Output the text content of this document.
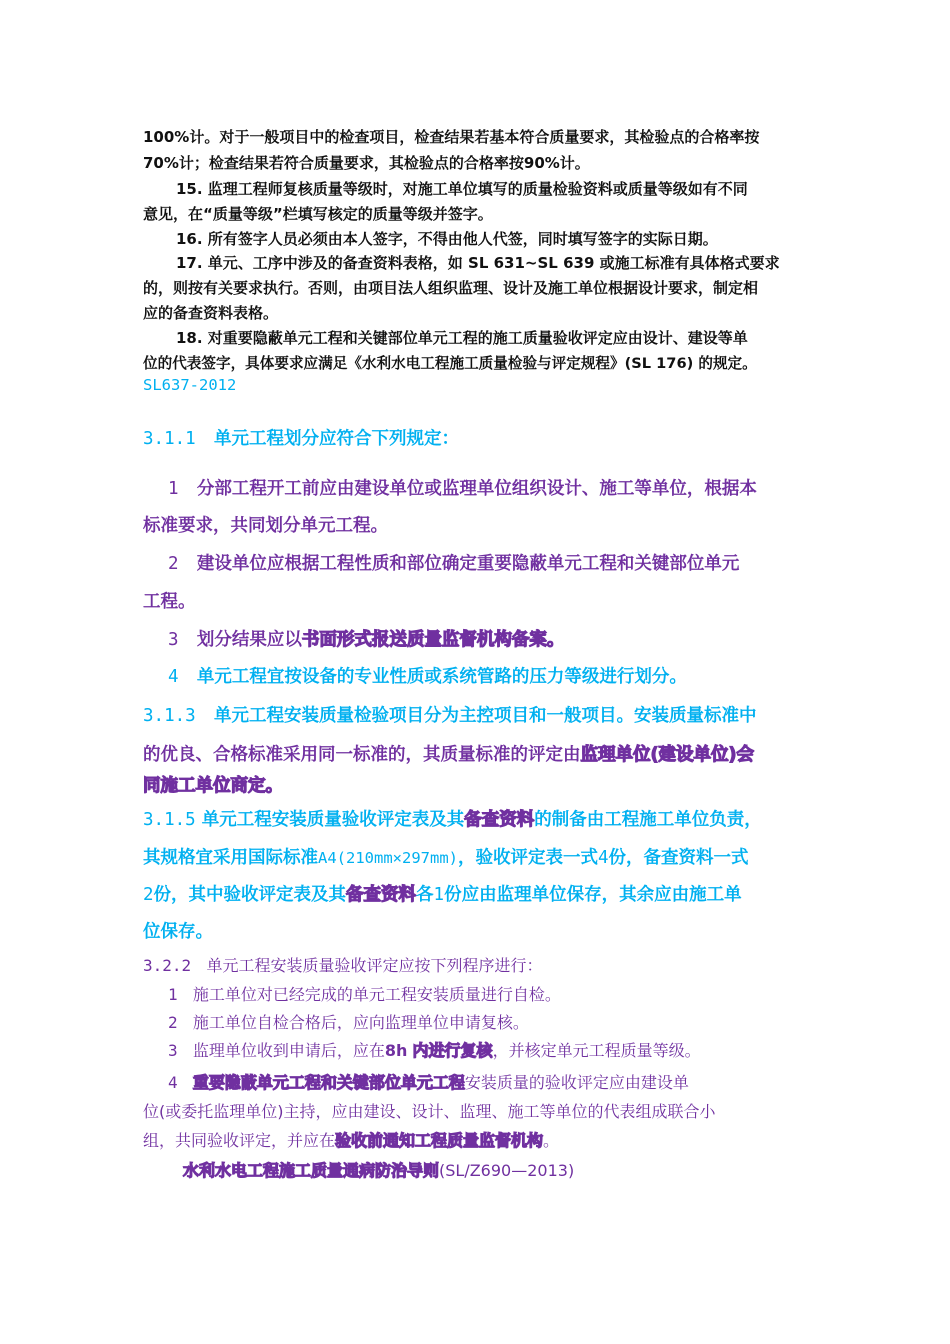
100%计。对于一般项目中的检查项目，检查结果若基本符合质量要求，其检验点的合格率按
70%计；检查结果若符合质量要求，其检验点的合格率按90%计。
15. 监理工程师复核质量等级时，对施工单位填写的质量检验资料或质量等级如有不同
意见，在“质量等级”栏填写核定的质量等级并签字。
16. 所有签字人员必须由本人签字，不得由他人代签，同时填写签字的实际日期。
17. 单元、工序中涉及的备查资料表格，如 SL 631~SL 639 或施工标准有具体格式要求
的，则按有关要求执行。否则，由项目法人组织监理、设计及施工单位根据设计要求，制定相
应的备查资料表格。
18. 对重要隐蔽单元工程和关键部位单元工程的施工质量验收评定应由设计、建设等单
位的代表签字，具体要求应满足《水利水电工程施工质量检验与评定规程》(SL 176) 的规定。
SL637-2012
3.1.1 单元工程划分应符合下列规定：
1 分部工程开工前应由建设单位或监理单位组织设计、施工等单位，根据本
标准要求，共同划分单元工程。
2 建设单位应根据工程性质和部位确定重要隐蔽单元工程和关键部位单元
工程。
3 划分结果应以书面形式报送质量监督机构备案。
4 单元工程宜按设备的专业性质或系统管路的压力等级进行划分。
3.1.3 单元工程安装质量检验项目分为主控项目和一般项目。安装质量标准中
的优良、合格标准采用同一标准的，其质量标准的评定由监理单位(建设单位)会
同施工单位商定。
3.1.5 单元工程安装质量验收评定表及其备查资料的制备由工程施工单位负责，
其规格宜采用国际标准A4(210mm×297mm)，验收评定表一式4份，备查资料一式
2份，其中验收评定表及其备查资料各1份应由监理单位保存，其余应由施工单
位保存。
3.2.2 单元工程安装质量验收评定应按下列程序进行：
1 施工单位对已经完成的单元工程安装质量进行自检。
2 施工单位自检合格后，应向监理单位申请复核。
3 监理单位收到申请后，应在8h 内进行复核，并核定单元工程质量等级。
4 重要隐蔽单元工程和关键部位单元工程安装质量的验收评定应由建设单
位(或委托监理单位)主持，应由建设、设计、监理、施工等单位的代表组成联合小
组，共同验收评定，并应在验收前通知工程质量监督机构。
水利水电工程施工质量通病防治导则(SL/Z690—2013)
